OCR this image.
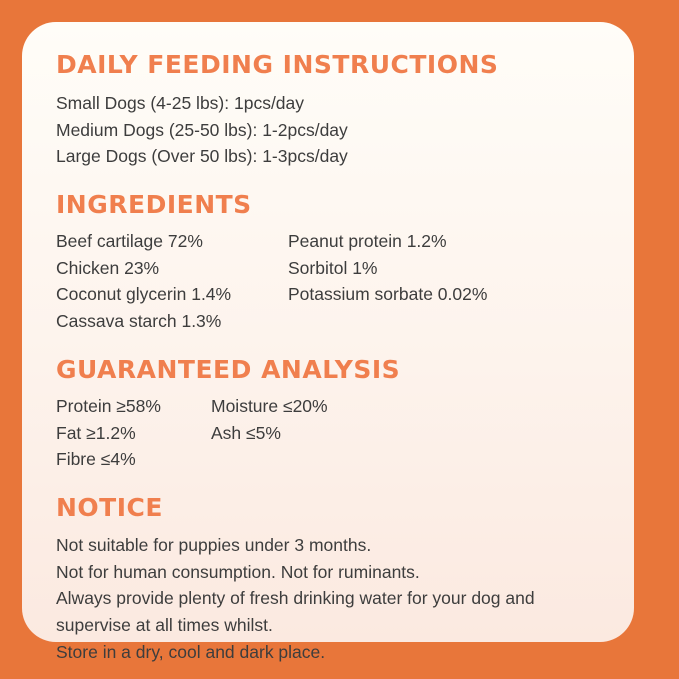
DAILY FEEDING INSTRUCTIONS
Small Dogs (4-25 lbs): 1pcs/day
Medium Dogs (25-50 lbs): 1-2pcs/day
Large Dogs (Over 50 lbs): 1-3pcs/day
INGREDIENTS
Beef cartilage 72%
Chicken 23%
Coconut glycerin 1.4%
Cassava starch 1.3%
Peanut protein 1.2%
Sorbitol 1%
Potassium sorbate 0.02%
GUARANTEED ANALYSIS
Protein ≥58%
Fat ≥1.2%
Fibre ≤4%
Moisture ≤20%
Ash ≤5%
NOTICE
Not suitable for puppies under 3 months.
Not for human consumption. Not for ruminants.
Always provide plenty of fresh drinking water for your dog and supervise at all times whilst.
Store in a dry, cool and dark place.
